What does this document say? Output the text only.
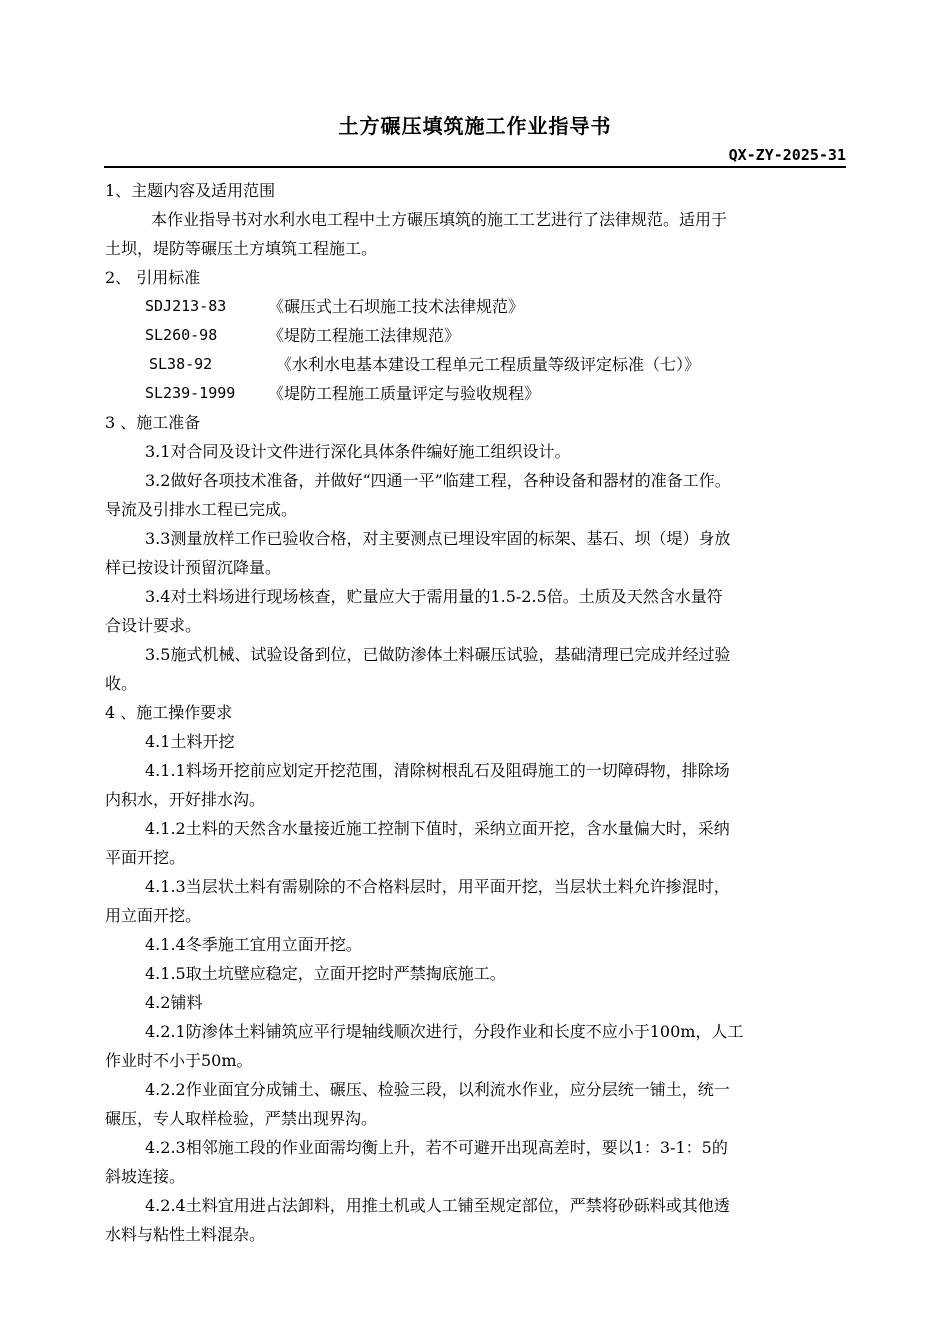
土方碾压填筑施工作业指导书
QX-ZY-2025-31
1、主题内容及适用范围
本作业指导书对水利水电工程中土方碾压填筑的施工工艺进行了法律规范。适用于
土坝，堤防等碾压土方填筑工程施工。
2、 引用标准
SDJ213-83	《碾压式土石坝施工技术法律规范》
SL260-98	《堤防工程施工法律规范》
SL38-92	《水利水电基本建设工程单元工程质量等级评定标准（七）》
SL239-1999	《堤防工程施工质量评定与验收规程》
3 、施工准备
3.1对合同及设计文件进行深化具体条件编好施工组织设计。
3.2做好各项技术准备，并做好“四通一平”临建工程，各种设备和器材的准备工作。
导流及引排水工程已完成。
3.3测量放样工作已验收合格，对主要测点已埋设牢固的标架、基石、坝（堤）身放
样已按设计预留沉降量。
3.4对土料场进行现场核查，贮量应大于需用量的1.5-2.5倍。土质及天然含水量符
合设计要求。
3.5施式机械、试验设备到位，已做防渗体土料碾压试验，基础清理已完成并经过验
收。
4 、施工操作要求
4.1土料开挖
4.1.1料场开挖前应划定开挖范围，清除树根乱石及阻碍施工的一切障碍物，排除场
内积水，开好排水沟。
4.1.2土料的天然含水量接近施工控制下值时，采纳立面开挖，含水量偏大时，采纳
平面开挖。
4.1.3当层状土料有需剔除的不合格料层时，用平面开挖，当层状土料允许掺混时，
用立面开挖。
4.1.4冬季施工宜用立面开挖。
4.1.5取土坑壁应稳定，立面开挖时严禁掏底施工。
4.2铺料
4.2.1防渗体土料铺筑应平行堤轴线顺次进行，分段作业和长度不应小于100m，人工
作业时不小于50m。
4.2.2作业面宜分成铺土、碾压、检验三段，以利流水作业，应分层统一铺土，统一
碾压，专人取样检验，严禁出现界沟。
4.2.3相邻施工段的作业面需均衡上升，若不可避开出现高差时，要以1：3-1：5的
斜坡连接。
4.2.4土料宜用进占法卸料，用推土机或人工铺至规定部位，严禁将砂砾料或其他透
水料与粘性土料混杂。
